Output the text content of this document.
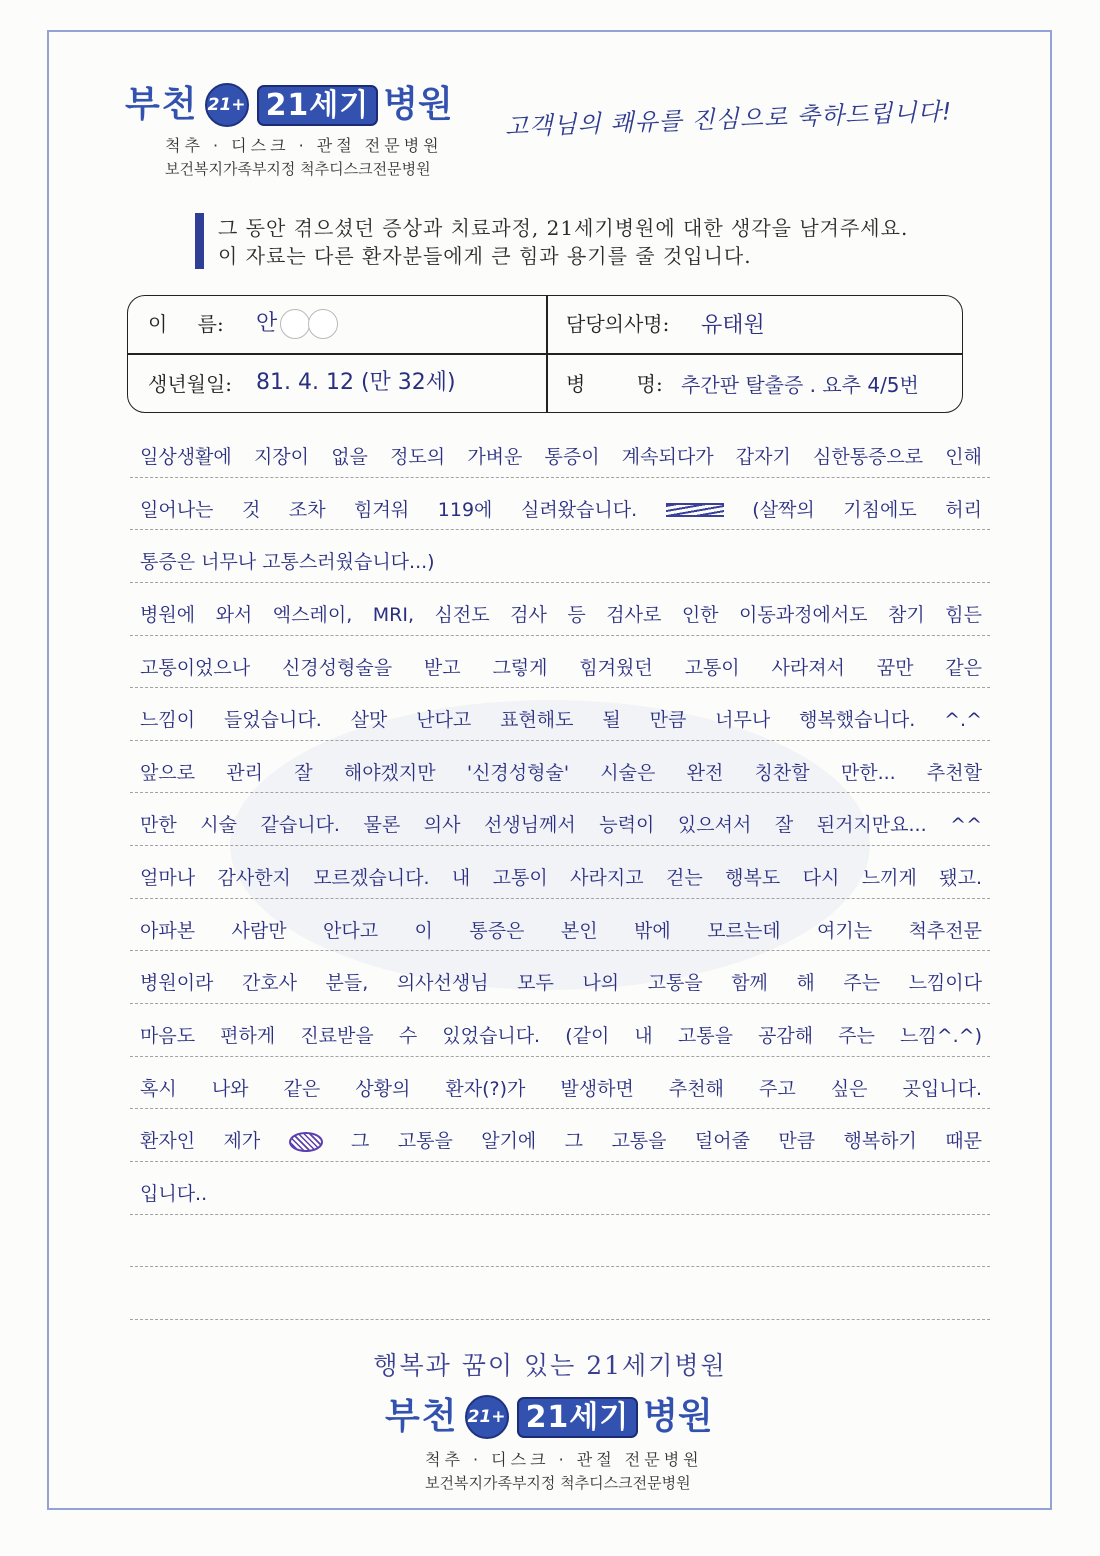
부천 21+ 21세기 병원
척추 · 디스크 · 관절 전문병원
보건복지가족부지정 척추디스크전문병원
고객님의 쾌유를 진심으로 축하드립니다!
그 동안 겪으셨던 증상과 치료과정, 21세기병원에 대한 생각을 남겨주세요.
이 자료는 다른 환자분들에게 큰 힘과 용기를 줄 것입니다.
이 름: 안	담당의사명: 유태원
생년월일: 81. 4. 12 (만 32세)	병 명: 추간판 탈출증 . 요추 4/5번
일상생활에 지장이 없을 정도의 가벼운 통증이 계속되다가 갑자기 심한통증으로 인해
일어나는 것 조차 힘겨워 119에 실려왔습니다.	(살짝의 기침에도 허리
통증은 너무나 고통스러웠습니다...)
병원에 와서 엑스레이, MRI, 심전도 검사 등 검사로 인한 이동과정에서도 참기 힘든
고통이었으나 신경성형술을 받고 그렇게 힘겨웠던 고통이 사라져서 꿈만 같은
느낌이 들었습니다. 살맛 난다고 표현해도 될 만큼 너무나 행복했습니다. ^.^
앞으로 관리 잘 해야겠지만 '신경성형술' 시술은 완전 칭찬할 만한... 추천할
만한 시술 같습니다. 물론 의사 선생님께서 능력이 있으셔서 잘 된거지만요... ^^
얼마나 감사한지 모르겠습니다. 내 고통이 사라지고 걷는 행복도 다시 느끼게 됐고.
아파본 사람만 안다고 이 통증은 본인 밖에 모르는데 여기는 척추전문
병원이라 간호사 분들, 의사선생님 모두 나의 고통을 함께 해 주는 느낌이다
마음도 편하게 진료받을 수 있었습니다. (같이 내 고통을 공감해 주는 느낌^.^)
혹시 나와 같은 상황의 환자(?)가 발생하면 추천해 주고 싶은 곳입니다.
환자인 제가	그 고통을 알기에 그 고통을 덜어줄 만큼 행복하기 때문
입니다..
행복과 꿈이 있는 21세기병원
부천 21+ 21세기 병원
척추 · 디스크 · 관절 전문병원
보건복지가족부지정 척추디스크전문병원
